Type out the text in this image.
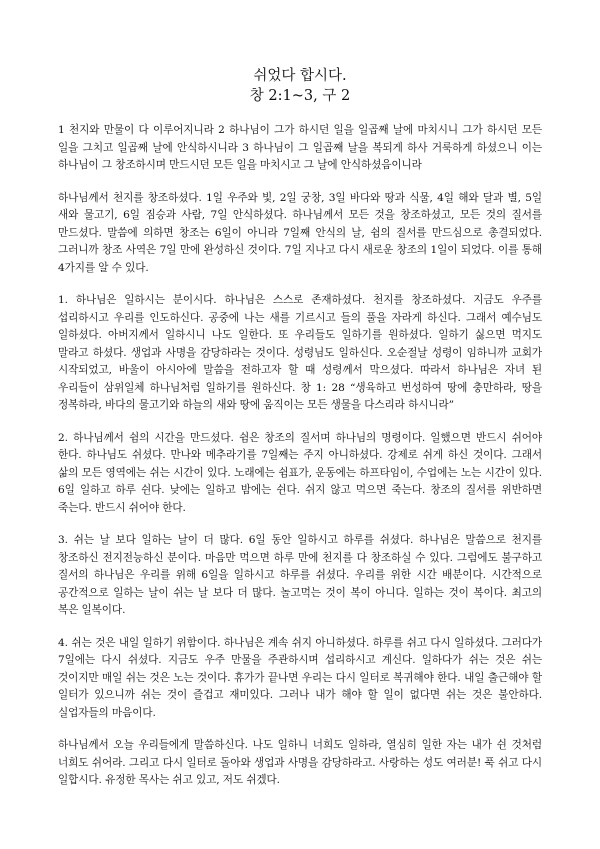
쉬었다 합시다.
창 2:1~3, 구 2

1 천지와 만물이 다 이루어지니라 2 하나님이 그가 하시던 일을 일곱째 날에 마치시니 그가 하시던 모든 일을 그치고 일곱째 날에 안식하시니라 3 하나님이 그 일곱째 날을 복되게 하사 거룩하게 하셨으니 이는 하나님이 그 창조하시며 만드시던 모든 일을 마치시고 그 날에 안식하셨음이니라

하나님께서 천지를 창조하셨다. 1일 우주와 빛, 2일 궁창, 3일 바다와 땅과 식물, 4일 해와 달과 별, 5일 새와 물고기, 6일 짐승과 사람, 7일 안식하셨다. 하나님께서 모든 것을 창조하셨고, 모든 것의 질서를 만드셨다. 말씀에 의하면 창조는 6일이 아니라 7일째 안식의 날, 쉼의 질서를 만드심으로 총결되었다. 그러니까 창조 사역은 7일 만에 완성하신 것이다. 7일 지나고 다시 새로운 창조의 1일이 되었다. 이를 통해 4가지를 알 수 있다.

1. 하나님은 일하시는 분이시다. 하나님은 스스로 존재하셨다. 천지를 창조하셨다. 지금도 우주를 섭리하시고 우리를 인도하신다. 공중에 나는 새를 기르시고 들의 풀을 자라게 하신다. 그래서 예수님도 일하셨다. 아버지께서 일하시니 나도 일한다. 또 우리들도 일하기를 원하셨다. 일하기 싫으면 먹지도 말라고 하셨다. 생업과 사명을 감당하라는 것이다. 성령님도 일하신다. 오순절날 성령이 임하니까 교회가 시작되었고, 바울이 아시아에 말씀을 전하고자 할 때 성령께서 막으셨다. 따라서 하나님은 자녀 된 우리들이 삼위일체 하나님처럼 일하기를 원하신다. 창 1: 28 “생육하고 번성하여 땅에 충만하라, 땅을 정복하라, 바다의 물고기와 하늘의 새와 땅에 움직이는 모든 생물을 다스리라 하시니라”

2. 하나님께서 쉼의 시간을 만드셨다. 쉼은 창조의 질서며 하나님의 명령이다. 일했으면 반드시 쉬어야 한다. 하나님도 쉬셨다. 만나와 메추라기를 7일째는 주지 아니하셨다. 강제로 쉬게 하신 것이다. 그래서 삶의 모든 영역에는 쉬는 시간이 있다. 노래에는 쉼표가, 운동에는 하프타임이, 수업에는 노는 시간이 있다. 6일 일하고 하루 쉰다. 낮에는 일하고 밤에는 쉰다. 쉬지 않고 먹으면 죽는다. 창조의 질서를 위반하면 죽는다. 반드시 쉬어야 한다.

3. 쉬는 날 보다 일하는 날이 더 많다. 6일 동안 일하시고 하루를 쉬셨다. 하나님은 말씀으로 천지를 창조하신 전지전능하신 분이다. 마음만 먹으면 하루 만에 천지를 다 창조하실 수 있다. 그럼에도 불구하고 질서의 하나님은 우리를 위해 6일을 일하시고 하루를 쉬셨다. 우리를 위한 시간 배분이다. 시간적으로 공간적으로 일하는 날이 쉬는 날 보다 더 많다. 놀고먹는 것이 복이 아니다. 일하는 것이 복이다. 최고의 복은 일복이다.

4. 쉬는 것은 내일 일하기 위함이다. 하나님은 계속 쉬지 아니하셨다. 하루를 쉬고 다시 일하셨다. 그러다가 7일에는 다시 쉬셨다. 지금도 우주 만물을 주관하시며 섭리하시고 계신다. 일하다가 쉬는 것은 쉬는 것이지만 매일 쉬는 것은 노는 것이다. 휴가가 끝나면 우리는 다시 일터로 복귀해야 한다. 내일 출근해야 할 일터가 있으니까 쉬는 것이 즐겁고 재미있다. 그러나 내가 해야 할 일이 없다면 쉬는 것은 불안하다. 실업자들의 마음이다.

하나님께서 오늘 우리들에게 말씀하신다. 나도 일하니 너희도 일하라, 열심히 일한 자는 내가 쉰 것처럼 너희도 쉬어라. 그리고 다시 일터로 돌아와 생업과 사명을 감당하라고. 사랑하는 성도 여러분! 푹 쉬고 다시 일합시다. 유정한 목사는 쉬고 있고, 저도 쉬겠다.
